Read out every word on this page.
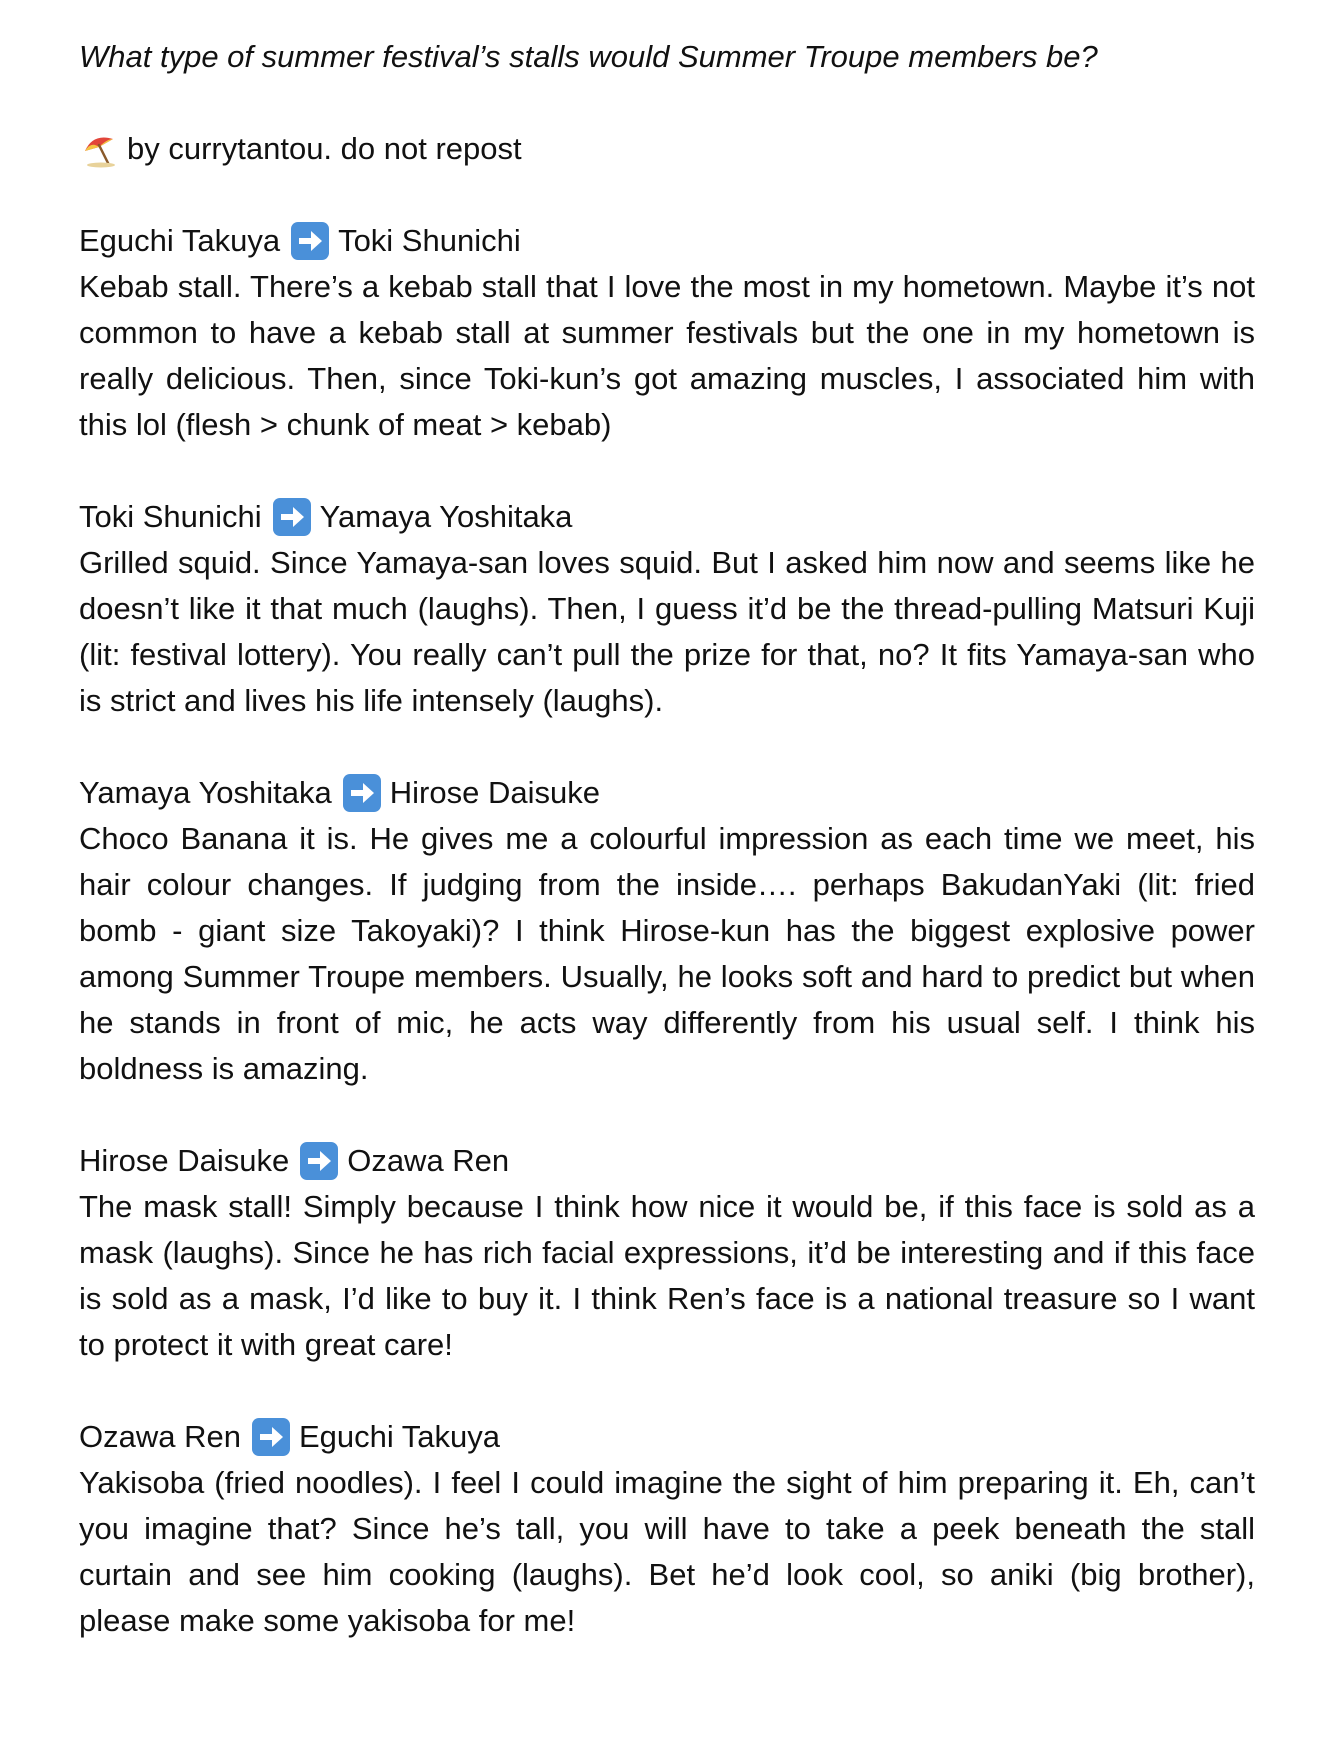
What type of summer festival’s stalls would Summer Troupe members be?

by currytantou. do not repost

Eguchi Takuya Toki Shunichi

Kebab stall. There’s a kebab stall that I love the most in my hometown. Maybe it’s not common to have a kebab stall at summer festivals but the one in my hometown is really delicious. Then, since Toki-kun’s got amazing muscles, I associated him with this lol (flesh > chunk of meat > kebab)

Toki Shunichi Yamaya Yoshitaka

Grilled squid. Since Yamaya-san loves squid. But I asked him now and seems like he doesn’t like it that much (laughs). Then, I guess it’d be the thread-pulling Matsuri Kuji (lit: festival lottery). You really can’t pull the prize for that, no? It fits Yamaya-san who is strict and lives his life intensely (laughs).

Yamaya Yoshitaka Hirose Daisuke

Choco Banana it is. He gives me a colourful impression as each time we meet, his hair colour changes. If judging from the inside…. perhaps BakudanYaki (lit: fried bomb - giant size Takoyaki)? I think Hirose-kun has the biggest explosive power among Summer Troupe members. Usually, he looks soft and hard to predict but when he stands in front of mic, he acts way differently from his usual self. I think his boldness is amazing.

Hirose Daisuke Ozawa Ren

The mask stall! Simply because I think how nice it would be, if this face is sold as a mask (laughs). Since he has rich facial expressions, it’d be interesting and if this face is sold as a mask, I’d like to buy it. I think Ren’s face is a national treasure so I want to protect it with great care!

Ozawa Ren Eguchi Takuya

Yakisoba (fried noodles). I feel I could imagine the sight of him preparing it. Eh, can’t you imagine that? Since he’s tall, you will have to take a peek beneath the stall curtain and see him cooking (laughs). Bet he’d look cool, so aniki (big brother), please make some yakisoba for me!
